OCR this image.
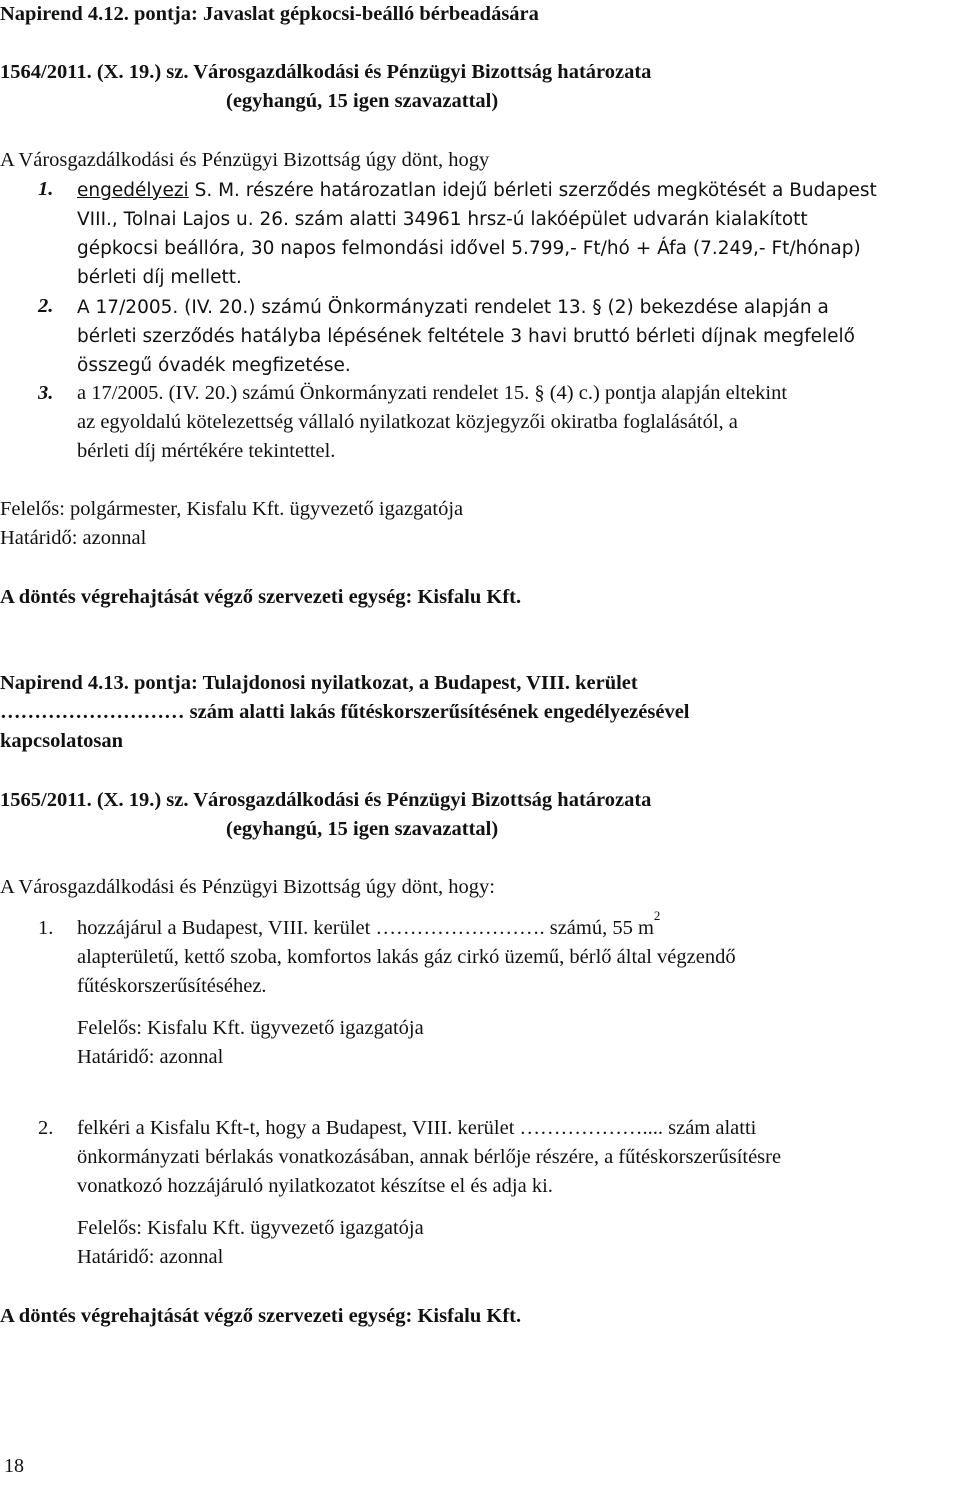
Napirend 4.12. pontja: Javaslat gépkocsi-beálló bérbeadására
1564/2011. (X. 19.) sz. Városgazdálkodási és Pénzügyi Bizottság határozata
(egyhangú, 15 igen szavazattal)
A Városgazdálkodási és Pénzügyi Bizottság úgy dönt, hogy
1. engedélyezi S. M. részére határozatlan idejű bérleti szerződés megkötését a Budapest
VIII., Tolnai Lajos u. 26. szám alatti 34961 hrsz-ú lakóépület udvarán kialakított
gépkocsi beállóra, 30 napos felmondási idővel 5.799,- Ft/hó + Áfa (7.249,- Ft/hónap)
bérleti díj mellett.
2. A 17/2005. (IV. 20.) számú Önkormányzati rendelet 13. § (2) bekezdése alapján a
bérleti szerződés hatályba lépésének feltétele 3 havi bruttó bérleti díjnak megfelelő
összegű óvadék megfizetése.
3. a 17/2005. (IV. 20.) számú Önkormányzati rendelet 15. § (4) c.) pontja alapján eltekint
az egyoldalú kötelezettség vállaló nyilatkozat közjegyzői okiratba foglalásától, a
bérleti díj mértékére tekintettel.
Felelős: polgármester, Kisfalu Kft. ügyvezető igazgatója
Határidő: azonnal
A döntés végrehajtását végző szervezeti egység: Kisfalu Kft.
Napirend 4.13. pontja: Tulajdonosi nyilatkozat, a Budapest, VIII. kerület
……………………… szám alatti lakás fűtéskorszerűsítésének engedélyezésével
kapcsolatosan
1565/2011. (X. 19.) sz. Városgazdálkodási és Pénzügyi Bizottság határozata
(egyhangú, 15 igen szavazattal)
A Városgazdálkodási és Pénzügyi Bizottság úgy dönt, hogy:
1. hozzájárul a Budapest, VIII. kerület ……………………. számú, 55 $m^2$
alapterületű, kettő szoba, komfortos lakás gáz cirkó üzemű, bérlő által végzendő
fűtéskorszerűsítéséhez.
Felelős: Kisfalu Kft. ügyvezető igazgatója
Határidő: azonnal
2. felkéri a Kisfalu Kft-t, hogy a Budapest, VIII. kerület ……………….... szám alatti
önkormányzati bérlakás vonatkozásában, annak bérlője részére, a fűtéskorszerűsítésre
vonatkozó hozzájáruló nyilatkozatot készítse el és adja ki.
Felelős: Kisfalu Kft. ügyvezető igazgatója
Határidő: azonnal
A döntés végrehajtását végző szervezeti egység: Kisfalu Kft.
18
